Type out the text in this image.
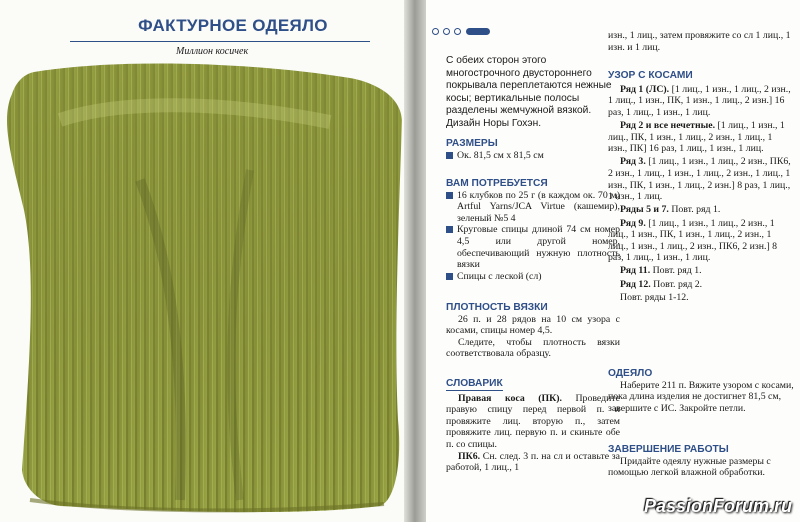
ФАКТУРНОЕ ОДЕЯЛО
Миллион косичек

С обеих сторон этого многострочного двустороннего покрывала переплетаются нежные косы; вертикальные полосы разделены жемчужной вязкой. Дизайн Норы Гохэн.

РАЗМЕРЫ
Ок. 81,5 см х 81,5 см
ВАМ ПОТРЕБУЕТСЯ
16 клубков по 25 г (в каждом ок. 70 м) Artful Yarns/JCA Virtue (кашемир), зеленый №5 4
Круговые спицы длиной 74 см номер 4,5 или другой номер, обеспечивающий нужную плотность вязки
Спицы с леской (сл)
ПЛОТНОСТЬ ВЯЗКИ
26 п. и 28 рядов на 10 см узора с косами, спицы номер 4,5.
Следите, чтобы плотность вязки соответствовала образцу.
СЛОВАРИК
Правая коса (ПК). Проведите правую спицу перед первой п. и провяжите лиц. вторую п., затем провяжите лиц. первую п. и скиньте обе п. со спицы.
ПК6. Сн. след. 3 п. на сл и оставьте за работой, 1 лиц., 1
изн., 1 лиц., затем провяжите со сл 1 лиц., 1 изн. и 1 лиц.
УЗОР С КОСАМИ
Ряд 1 (ЛС). [1 лиц., 1 изн., 1 лиц., 2 изн., 1 лиц., 1 изн., ПК, 1 изн., 1 лиц., 2 изн.] 16 раз, 1 лиц., 1 изн., 1 лиц.
Ряд 2 и все нечетные. [1 лиц., 1 изн., 1 лиц., ПК, 1 изн., 1 лиц., 2 изн., 1 лиц., 1 изн., ПК] 16 раз, 1 лиц., 1 изн., 1 лиц.
Ряд 3. [1 лиц., 1 изн., 1 лиц., 2 изн., ПК6, 2 изн., 1 лиц., 1 изн., 1 лиц., 2 изн., 1 лиц., 1 изн., ПК, 1 изн., 1 лиц., 2 изн.] 8 раз, 1 лиц., 1 изн., 1 лиц.
Ряды 5 и 7. Повт. ряд 1.
Ряд 9. [1 лиц., 1 изн., 1 лиц., 2 изн., 1 лиц., 1 изн., ПК, 1 изн., 1 лиц., 2 изн., 1 лиц., 1 изн., 1 лиц., 2 изн., ПК6, 2 изн.] 8 раз, 1 лиц., 1 изн., 1 лиц.
Ряд 11. Повт. ряд 1.
Ряд 12. Повт. ряд 2.
Повт. ряды 1-12.
ОДЕЯЛО
Наберите 211 п. Вяжите узором с косами, пока длина изделия не достигнет 81,5 см, завершите с ИС. Закройте петли.
ЗАВЕРШЕНИЕ РАБОТЫ
Придайте одеялу нужные размеры с помощью легкой влажной обработки.
PassionForum.ru
